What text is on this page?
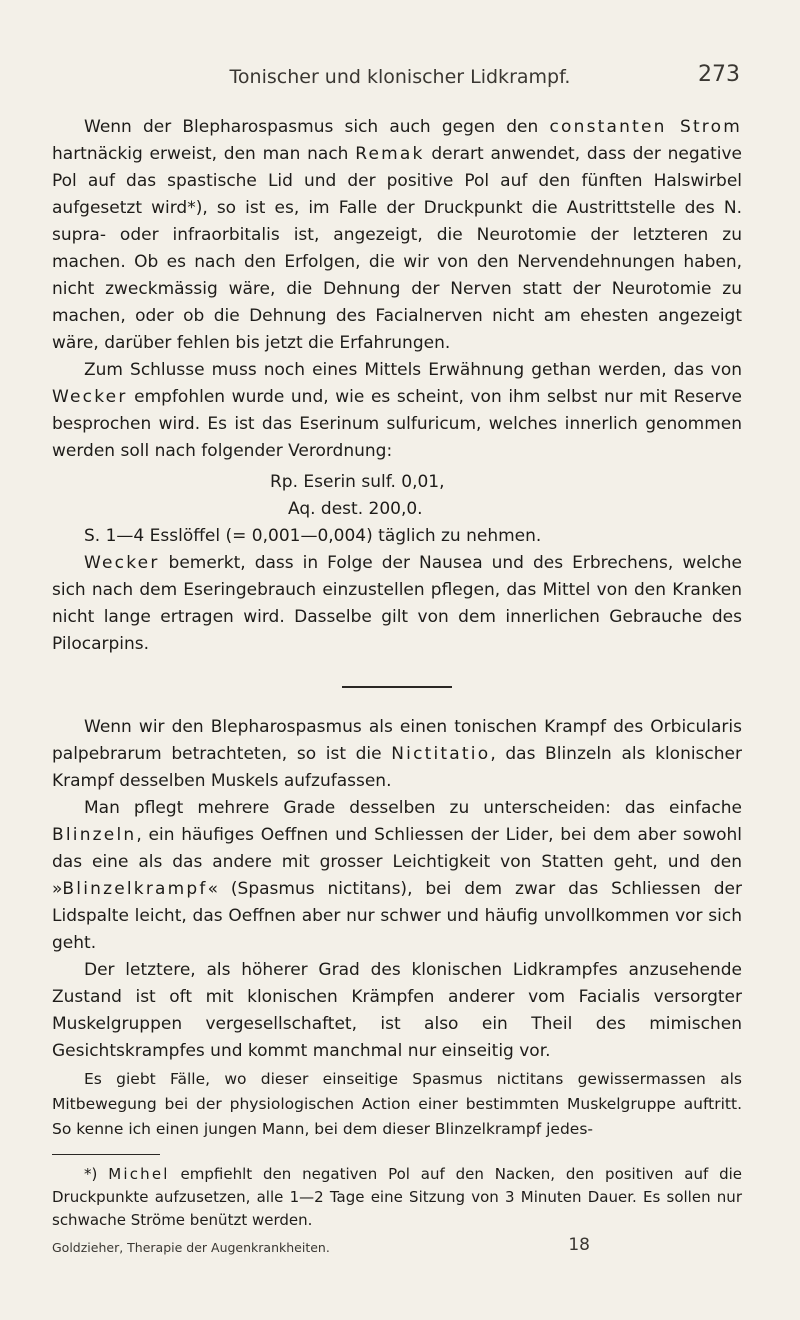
Tonischer und klonischer Lidkrampf.	273

Wenn der Blepharospasmus sich auch gegen den constanten Strom hartnäckig erweist, den man nach Remak derart anwendet, dass der negative Pol auf das spastische Lid und der positive Pol auf den fünften Halswirbel aufgesetzt wird*), so ist es, im Falle der Druckpunkt die Austrittstelle des N. supra- oder infraorbitalis ist, angezeigt, die Neurotomie der letzteren zu machen. Ob es nach den Erfolgen, die wir von den Nervendehnungen haben, nicht zweckmässig wäre, die Dehnung der Nerven statt der Neurotomie zu machen, oder ob die Dehnung des Facialnerven nicht am ehesten angezeigt wäre, darüber fehlen bis jetzt die Erfahrungen.

Zum Schlusse muss noch eines Mittels Erwähnung gethan werden, das von Wecker empfohlen wurde und, wie es scheint, von ihm selbst nur mit Reserve besprochen wird. Es ist das Eserinum sulfuricum, welches innerlich genommen werden soll nach folgender Verordnung:

Rp. Eserin sulf. 0,01,
Aq. dest. 200,0.
S. 1—4 Esslöffel (= 0,001—0,004) täglich zu nehmen.

Wecker bemerkt, dass in Folge der Nausea und des Erbrechens, welche sich nach dem Eseringebrauch einzustellen pflegen, das Mittel von den Kranken nicht lange ertragen wird. Dasselbe gilt von dem innerlichen Gebrauche des Pilocarpins.

Wenn wir den Blepharospasmus als einen tonischen Krampf des Orbicularis palpebrarum betrachteten, so ist die Nictitatio, das Blinzeln als klonischer Krampf desselben Muskels aufzufassen.

Man pflegt mehrere Grade desselben zu unterscheiden: das einfache Blinzeln, ein häufiges Oeffnen und Schliessen der Lider, bei dem aber sowohl das eine als das andere mit grosser Leichtigkeit von Statten geht, und den »Blinzelkrampf« (Spasmus nictitans), bei dem zwar das Schliessen der Lidspalte leicht, das Oeffnen aber nur schwer und häufig unvollkommen vor sich geht.

Der letztere, als höherer Grad des klonischen Lidkrampfes anzusehende Zustand ist oft mit klonischen Krämpfen anderer vom Facialis versorgter Muskelgruppen vergesellschaftet, ist also ein Theil des mimischen Gesichtskrampfes und kommt manchmal nur einseitig vor.

Es giebt Fälle, wo dieser einseitige Spasmus nictitans gewissermassen als Mitbewegung bei der physiologischen Action einer bestimmten Muskelgruppe auftritt. So kenne ich einen jungen Mann, bei dem dieser Blinzelkrampf jedes-

*) Michel empfiehlt den negativen Pol auf den Nacken, den positiven auf die Druckpunkte aufzusetzen, alle 1—2 Tage eine Sitzung von 3 Minuten Dauer. Es sollen nur schwache Ströme benützt werden.

Goldzieher, Therapie der Augenkrankheiten.	18
